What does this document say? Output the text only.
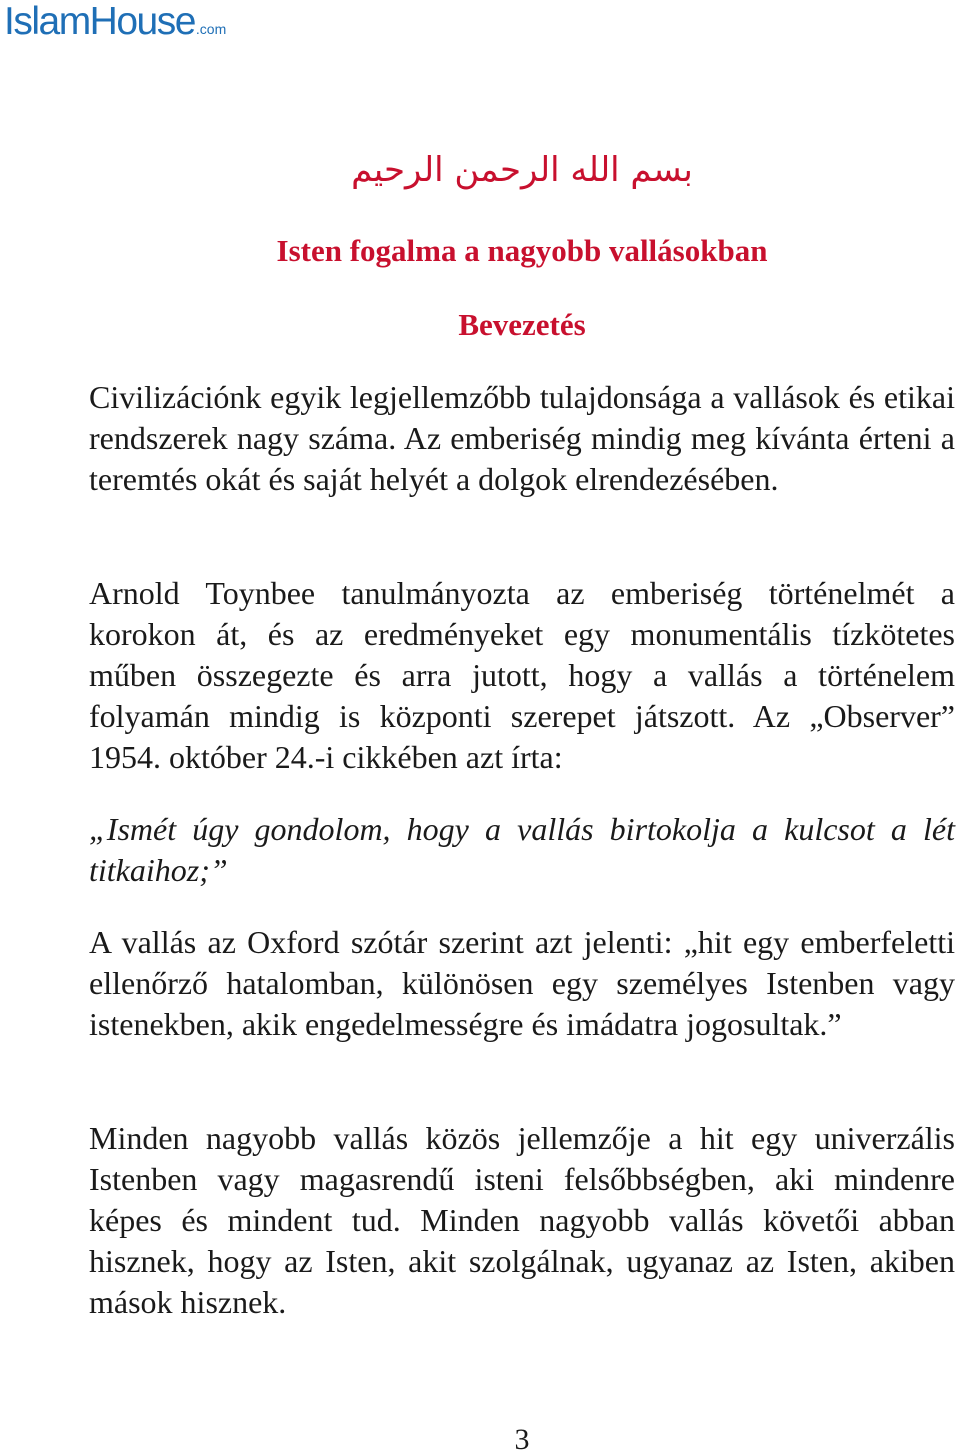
IslamHouse.com
بسم الله الرحمن الرحيم
Isten fogalma a nagyobb vallásokban
Bevezetés

Civilizációnk egyik legjellemzőbb tulajdonsága a vallások és etikai rendszerek nagy száma. Az emberiség mindig meg kívánta érteni a teremtés okát és saját helyét a dolgok elrendezésében.

Arnold Toynbee tanulmányozta az emberiség történelmét a korokon át, és az eredményeket egy monumentális tízkötetes műben összegezte és arra jutott, hogy a vallás a történelem folyamán mindig is központi szerepet játszott. Az „Observer” 1954. október 24.-i cikkében azt írta:

„Ismét úgy gondolom, hogy a vallás birtokolja a kulcsot a lét titkaihoz;”

A vallás az Oxford szótár szerint azt jelenti: „hit egy emberfeletti ellenőrző hatalomban, különösen egy személyes Istenben vagy istenekben, akik engedelmességre és imádatra jogosultak.”

Minden nagyobb vallás közös jellemzője a hit egy univerzális Istenben vagy magasrendű isteni felsőbbségben, aki mindenre képes és mindent tud. Minden nagyobb vallás követői abban hisznek, hogy az Isten, akit szolgálnak, ugyanaz az Isten, akiben mások hisznek.

3
